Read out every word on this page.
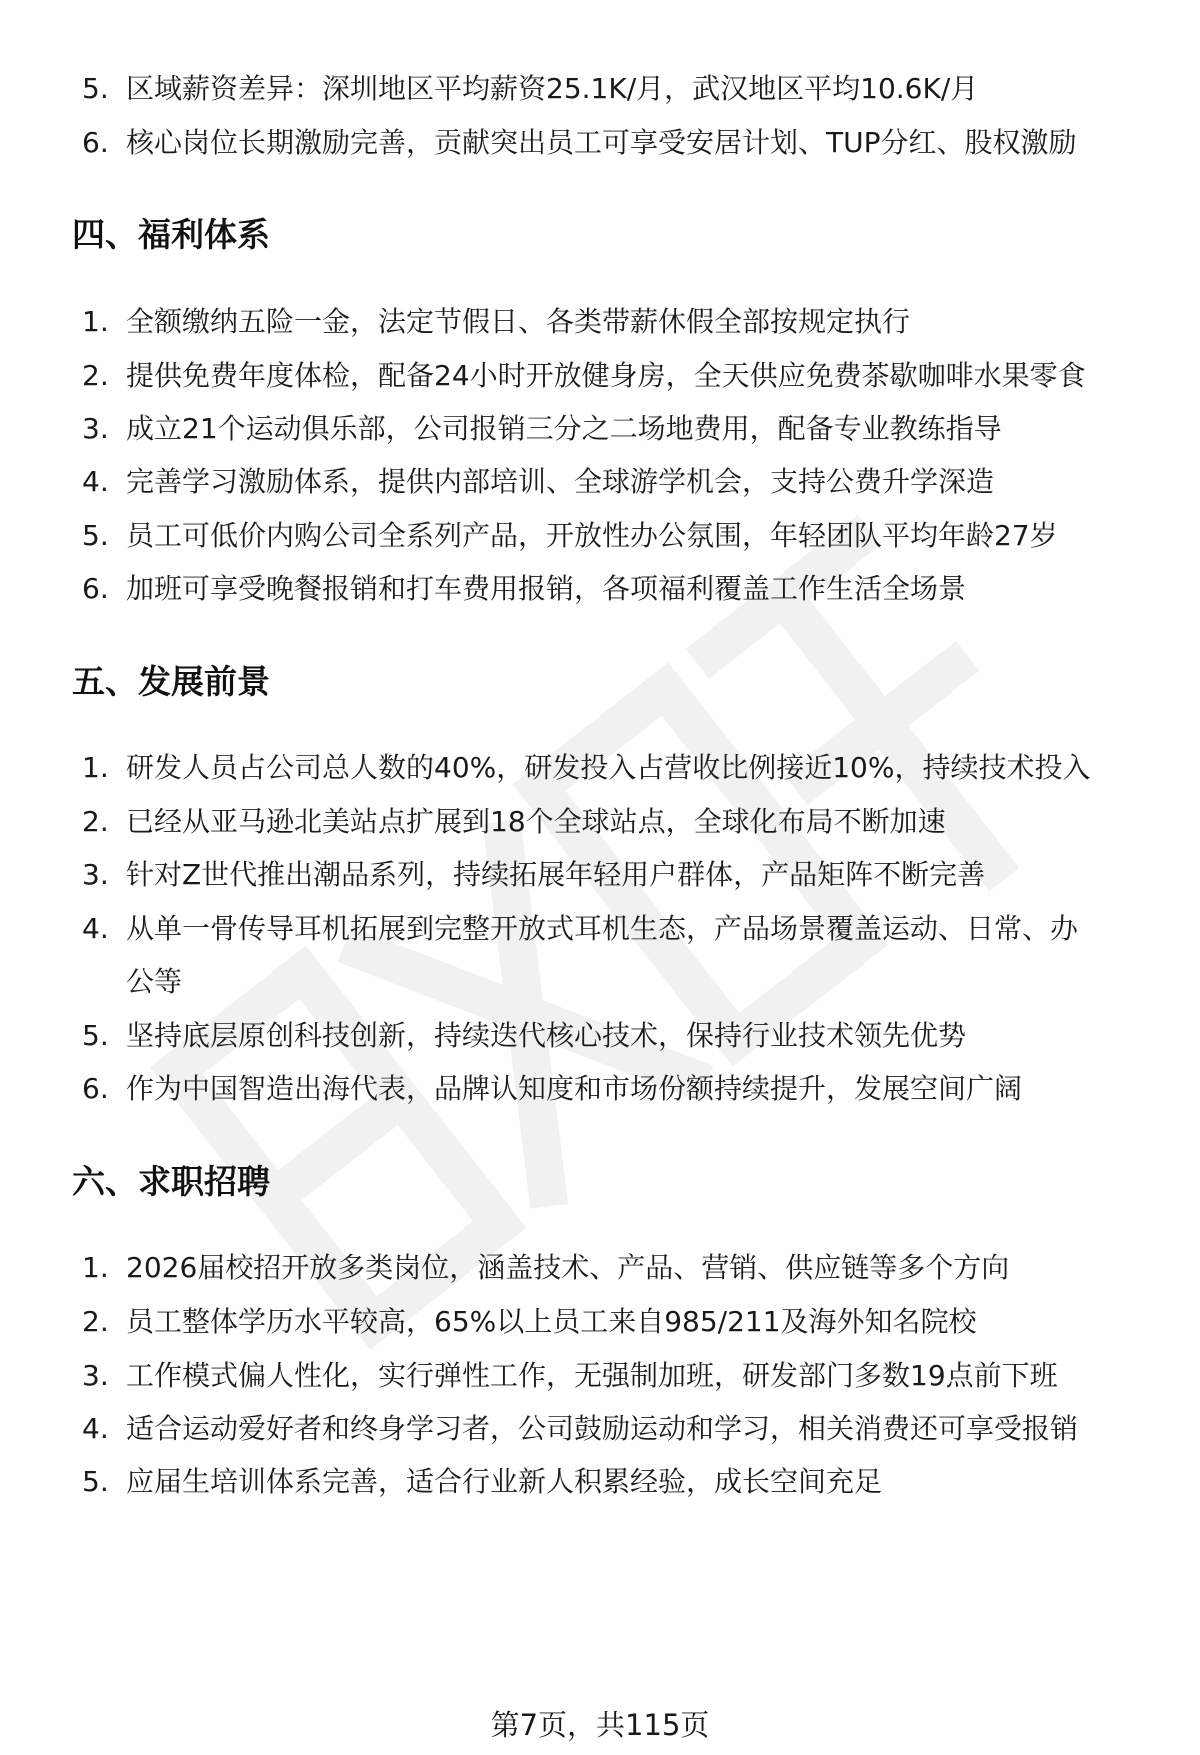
5. 区域薪资差异：深圳地区平均薪资25.1K/月，武汉地区平均10.6K/月
6. 核心岗位长期激励完善，贡献突出员工可享受安居计划、TUP分红、股权激励
四、福利体系
1. 全额缴纳五险一金，法定节假日、各类带薪休假全部按规定执行
2. 提供免费年度体检，配备24小时开放健身房，全天供应免费茶歇咖啡水果零食
3. 成立21个运动俱乐部，公司报销三分之二场地费用，配备专业教练指导
4. 完善学习激励体系，提供内部培训、全球游学机会，支持公费升学深造
5. 员工可低价内购公司全系列产品，开放性办公氛围，年轻团队平均年龄27岁
6. 加班可享受晚餐报销和打车费用报销，各项福利覆盖工作生活全场景
五、发展前景
1. 研发人员占公司总人数的40%，研发投入占营收比例接近10%，持续技术投入
2. 已经从亚马逊北美站点扩展到18个全球站点，全球化布局不断加速
3. 针对Z世代推出潮品系列，持续拓展年轻用户群体，产品矩阵不断完善
4. 从单一骨传导耳机拓展到完整开放式耳机生态，产品场景覆盖运动、日常、办
公等
5. 坚持底层原创科技创新，持续迭代核心技术，保持行业技术领先优势
6. 作为中国智造出海代表，品牌认知度和市场份额持续提升，发展空间广阔
六、求职招聘
1. 2026届校招开放多类岗位，涵盖技术、产品、营销、供应链等多个方向
2. 员工整体学历水平较高，65%以上员工来自985/211及海外知名院校
3. 工作模式偏人性化，实行弹性工作，无强制加班，研发部门多数19点前下班
4. 适合运动爱好者和终身学习者，公司鼓励运动和学习，相关消费还可享受报销
5. 应届生培训体系完善，适合行业新人积累经验，成长空间充足
第7页，共115页
